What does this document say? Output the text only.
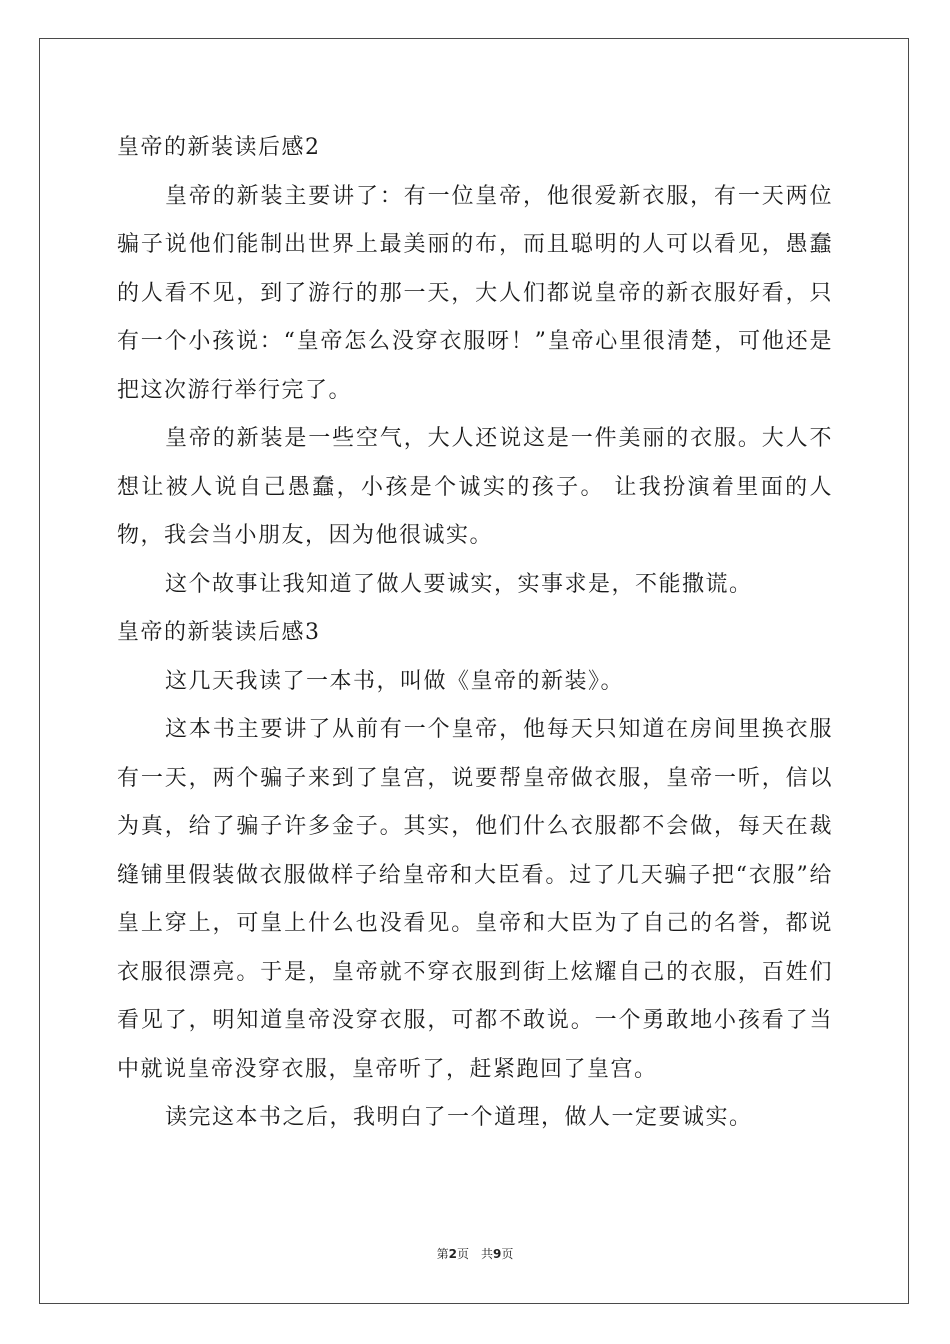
皇帝的新装读后感2

皇帝的新装主要讲了：有一位皇帝，他很爱新衣服，有一天两位骗子说他们能制出世界上最美丽的布，而且聪明的人可以看见，愚蠢的人看不见，到了游行的那一天，大人们都说皇帝的新衣服好看，只有一个小孩说：“皇帝怎么没穿衣服呀！”皇帝心里很清楚，可他还是把这次游行举行完了。

皇帝的新装是一些空气，大人还说这是一件美丽的衣服。大人不想让被人说自己愚蠢，小孩是个诚实的孩子。 让我扮演着里面的人物，我会当小朋友，因为他很诚实。

这个故事让我知道了做人要诚实，实事求是，不能撒谎。

皇帝的新装读后感3

这几天我读了一本书，叫做《皇帝的新装》。

这本书主要讲了从前有一个皇帝，他每天只知道在房间里换衣服有一天，两个骗子来到了皇宫，说要帮皇帝做衣服，皇帝一听，信以为真，给了骗子许多金子。其实，他们什么衣服都不会做，每天在裁缝铺里假装做衣服做样子给皇帝和大臣看。过了几天骗子把“衣服”给皇上穿上，可皇上什么也没看见。皇帝和大臣为了自己的名誉，都说衣服很漂亮。于是，皇帝就不穿衣服到街上炫耀自己的衣服，百姓们看见了，明知道皇帝没穿衣服，可都不敢说。一个勇敢地小孩看了当中就说皇帝没穿衣服，皇帝听了，赶紧跑回了皇宫。

读完这本书之后，我明白了一个道理，做人一定要诚实。

第2页　共9页
